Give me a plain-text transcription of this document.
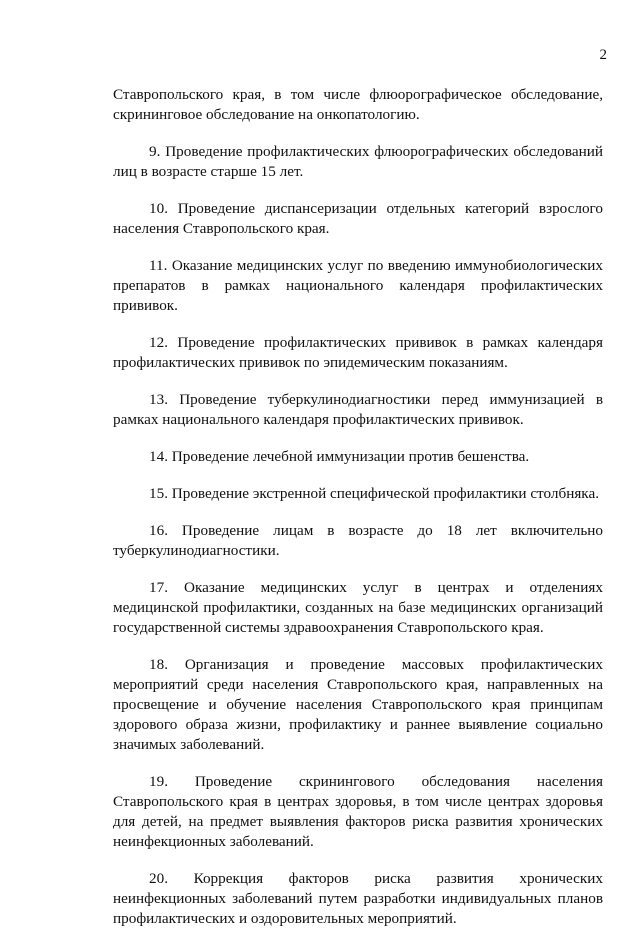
2

Ставропольского края, в том числе флюорографическое обследование, скрининговое обследование на онкопатологию.

9. Проведение профилактических флюорографических обследований лиц в возрасте старше 15 лет.

10. Проведение диспансеризации отдельных категорий взрослого населения Ставропольского края.

11. Оказание медицинских услуг по введению иммунобиологических препаратов в рамках национального календаря профилактических прививок.

12. Проведение профилактических прививок в рамках календаря профилактических прививок по эпидемическим показаниям.

13. Проведение туберкулинодиагностики перед иммунизацией в рамках национального календаря профилактических прививок.

14. Проведение лечебной иммунизации против бешенства.

15. Проведение экстренной специфической профилактики столбняка.

16. Проведение лицам в возрасте до 18 лет включительно туберкулинодиагностики.

17. Оказание медицинских услуг в центрах и отделениях медицинской профилактики, созданных на базе медицинских организаций государственной системы здравоохранения Ставропольского края.

18. Организация и проведение массовых профилактических мероприятий среди населения Ставропольского края, направленных на просвещение и обучение населения Ставропольского края принципам здорового образа жизни, профилактику и раннее выявление социально значимых заболеваний.

19. Проведение скринингового обследования населения Ставропольского края в центрах здоровья, в том числе центрах здоровья для детей, на предмет выявления факторов риска развития хронических неинфекционных заболеваний.

20. Коррекция факторов риска развития хронических неинфекционных заболеваний путем разработки индивидуальных планов профилактических и оздоровительных мероприятий.
